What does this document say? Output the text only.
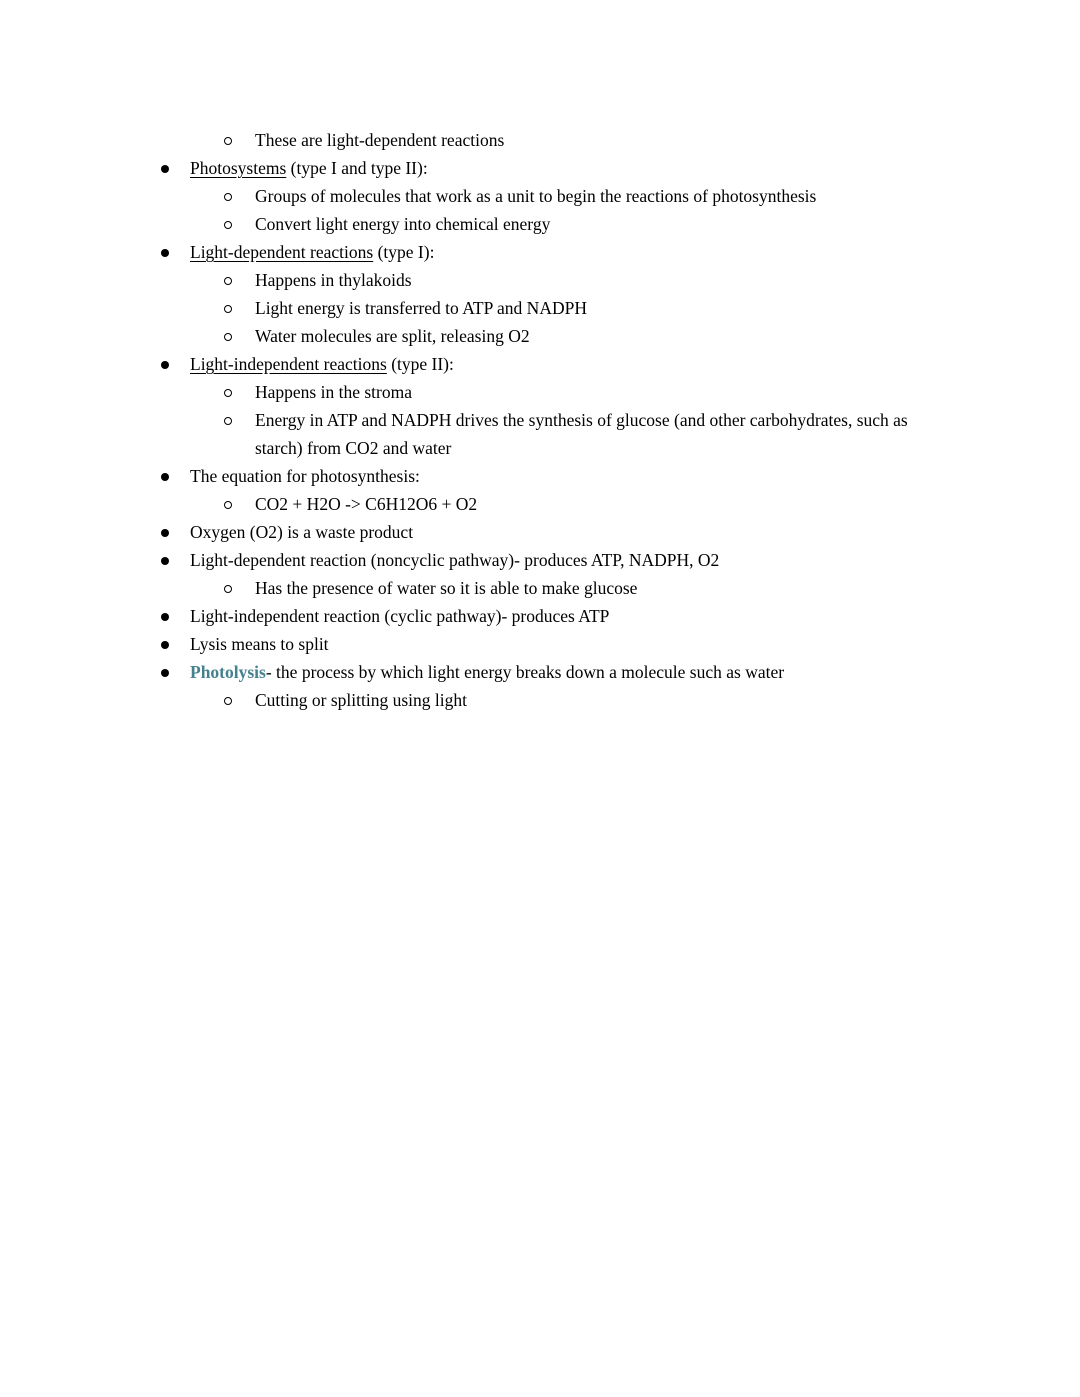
These are light-dependent reactions
Photosystems (type I and type II):
Groups of molecules that work as a unit to begin the reactions of photosynthesis
Convert light energy into chemical energy
Light-dependent reactions (type I):
Happens in thylakoids
Light energy is transferred to ATP and NADPH
Water molecules are split, releasing O2
Light-independent reactions (type II):
Happens in the stroma
Energy in ATP and NADPH drives the synthesis of glucose (and other carbohydrates, such as starch) from CO2 and water
The equation for photosynthesis:
CO2 + H2O -> C6H12O6 + O2
Oxygen (O2) is a waste product
Light-dependent reaction (noncyclic pathway)- produces ATP, NADPH, O2
Has the presence of water so it is able to make glucose
Light-independent reaction (cyclic pathway)- produces ATP
Lysis means to split
Photolysis- the process by which light energy breaks down a molecule such as water
Cutting or splitting using light
